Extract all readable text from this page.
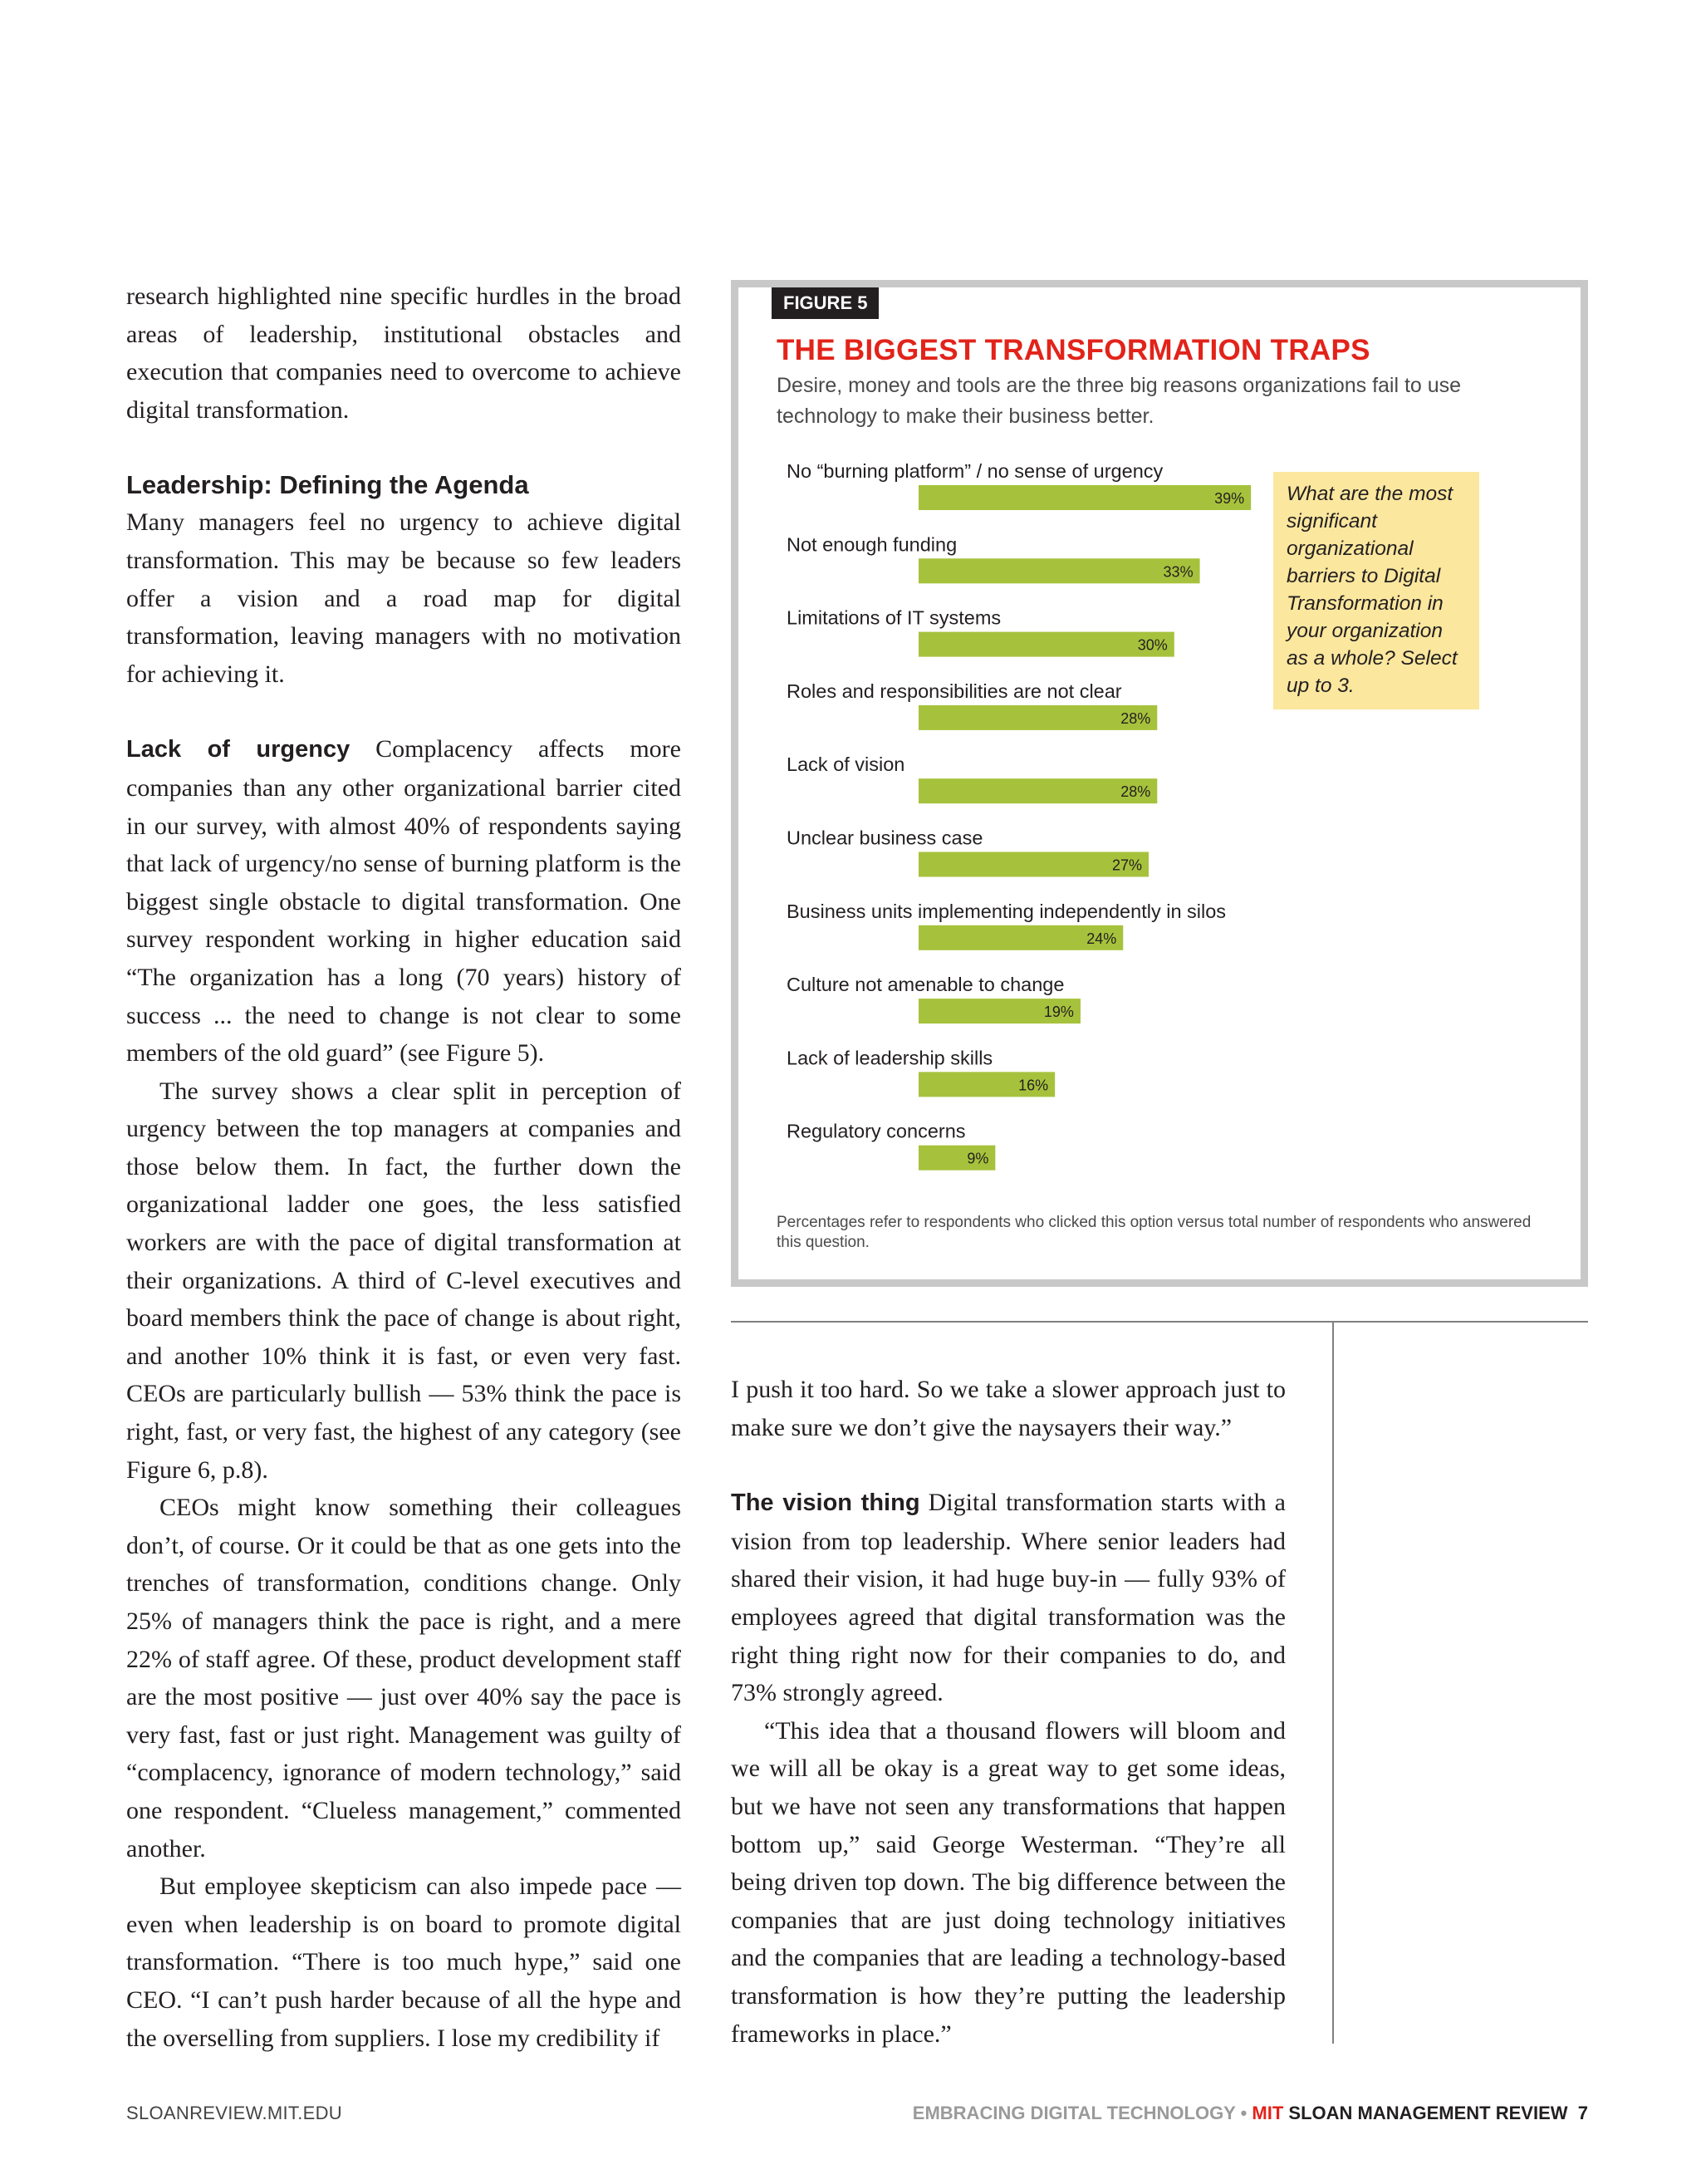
research highlighted nine specific hurdles in the broad areas of leadership, institutional obstacles and execution that companies need to overcome to achieve digital transformation.

Leadership: Defining the Agenda

Many managers feel no urgency to achieve digital transformation. This may be because so few leaders offer a vision and a road map for digital transformation, leaving managers with no motivation for achieving it.

Lack of urgency Complacency affects more companies than any other organizational barrier cited in our survey, with almost 40% of respondents saying that lack of urgency/no sense of burning platform is the biggest single obstacle to digital transformation. One survey respondent working in higher education said “The organization has a long (70 years) history of success ... the need to change is not clear to some members of the old guard” (see Figure 5).

The survey shows a clear split in perception of urgency between the top managers at companies and those below them. In fact, the further down the organizational ladder one goes, the less satisfied workers are with the pace of digital transformation at their organizations. A third of C-level executives and board members think the pace of change is about right, and another 10% think it is fast, or even very fast. CEOs are particularly bullish — 53% think the pace is right, fast, or very fast, the highest of any category (see Figure 6, p.8).

CEOs might know something their colleagues don’t, of course. Or it could be that as one gets into the trenches of transformation, conditions change. Only 25% of managers think the pace is right, and a mere 22% of staff agree. Of these, product development staff are the most positive — just over 40% say the pace is very fast, fast or just right. Management was guilty of “complacency, ignorance of modern technology,” said one respondent. “Clueless management,” commented another.

But employee skepticism can also impede pace — even when leadership is on board to promote digital transformation. “There is too much hype,” said one CEO. “I can’t push harder because of all the hype and the overselling from suppliers. I lose my credibility if

FIGURE 5
THE BIGGEST TRANSFORMATION TRAPS
Desire, money and tools are the three big reasons organizations fail to use technology to make their business better.
No “burning platform” / no sense of urgency
39%
Not enough funding
33%
Limitations of IT systems
30%
Roles and responsibilities are not clear
28%
Lack of vision
28%
Unclear business case
27%
Business units implementing independently in silos
24%
Culture not amenable to change
19%
Lack of leadership skills
16%
Regulatory concerns
9%
What are the most significant organizational barriers to Digital Transformation in your organization as a whole? Select up to 3.
Percentages refer to respondents who clicked this option versus total number of respondents who answered this question.

I push it too hard. So we take a slower approach just to make sure we don’t give the naysayers their way.”

The vision thing Digital transformation starts with a vision from top leadership. Where senior leaders had shared their vision, it had huge buy-in — fully 93% of employees agreed that digital transformation was the right thing right now for their companies to do, and 73% strongly agreed.

“This idea that a thousand flowers will bloom and we will all be okay is a great way to get some ideas, but we have not seen any transformations that happen bottom up,” said George Westerman. “They’re all being driven top down. The big difference between the companies that are just doing technology initiatives and the companies that are leading a technology-based transformation is how they’re putting the leadership frameworks in place.”

SLOANREVIEW.MIT.EDU	EMBRACING DIGITAL TECHNOLOGY • MIT SLOAN MANAGEMENT REVIEW 7
